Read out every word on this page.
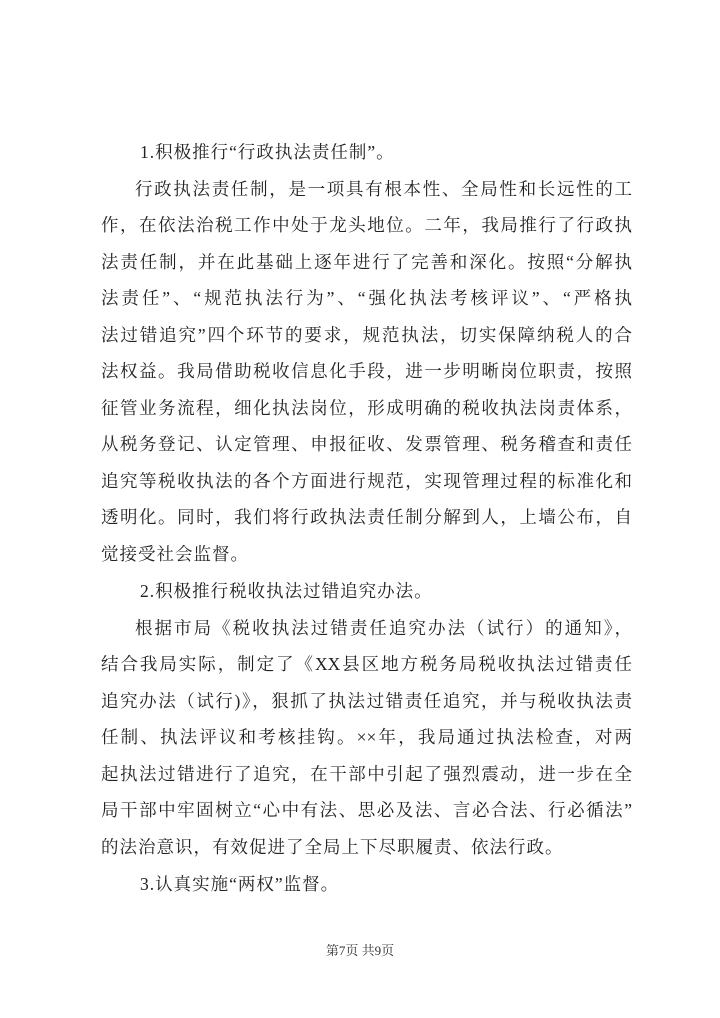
1.积极推行“行政执法责任制”。
行政执法责任制，是一项具有根本性、全局性和长远性的工
作，在依法治税工作中处于龙头地位。二年，我局推行了行政执
法责任制，并在此基础上逐年进行了完善和深化。按照“分解执
法责任”、“规范执法行为”、“强化执法考核评议”、“严格执
法过错追究”四个环节的要求，规范执法，切实保障纳税人的合
法权益。我局借助税收信息化手段，进一步明晰岗位职责，按照
征管业务流程，细化执法岗位，形成明确的税收执法岗责体系，
从税务登记、认定管理、申报征收、发票管理、税务稽查和责任
追究等税收执法的各个方面进行规范，实现管理过程的标准化和
透明化。同时，我们将行政执法责任制分解到人，上墙公布，自
觉接受社会监督。
2.积极推行税收执法过错追究办法。
根据市局《税收执法过错责任追究办法（试行）的通知》，
结合我局实际，制定了《XX县区地方税务局税收执法过错责任
追究办法（试行)》，狠抓了执法过错责任追究，并与税收执法责
任制、执法评议和考核挂钩。××年，我局通过执法检查，对两
起执法过错进行了追究，在干部中引起了强烈震动，进一步在全
局干部中牢固树立“心中有法、思必及法、言必合法、行必循法”
的法治意识，有效促进了全局上下尽职履责、依法行政。
3.认真实施“两权”监督。
第7页 共9页
